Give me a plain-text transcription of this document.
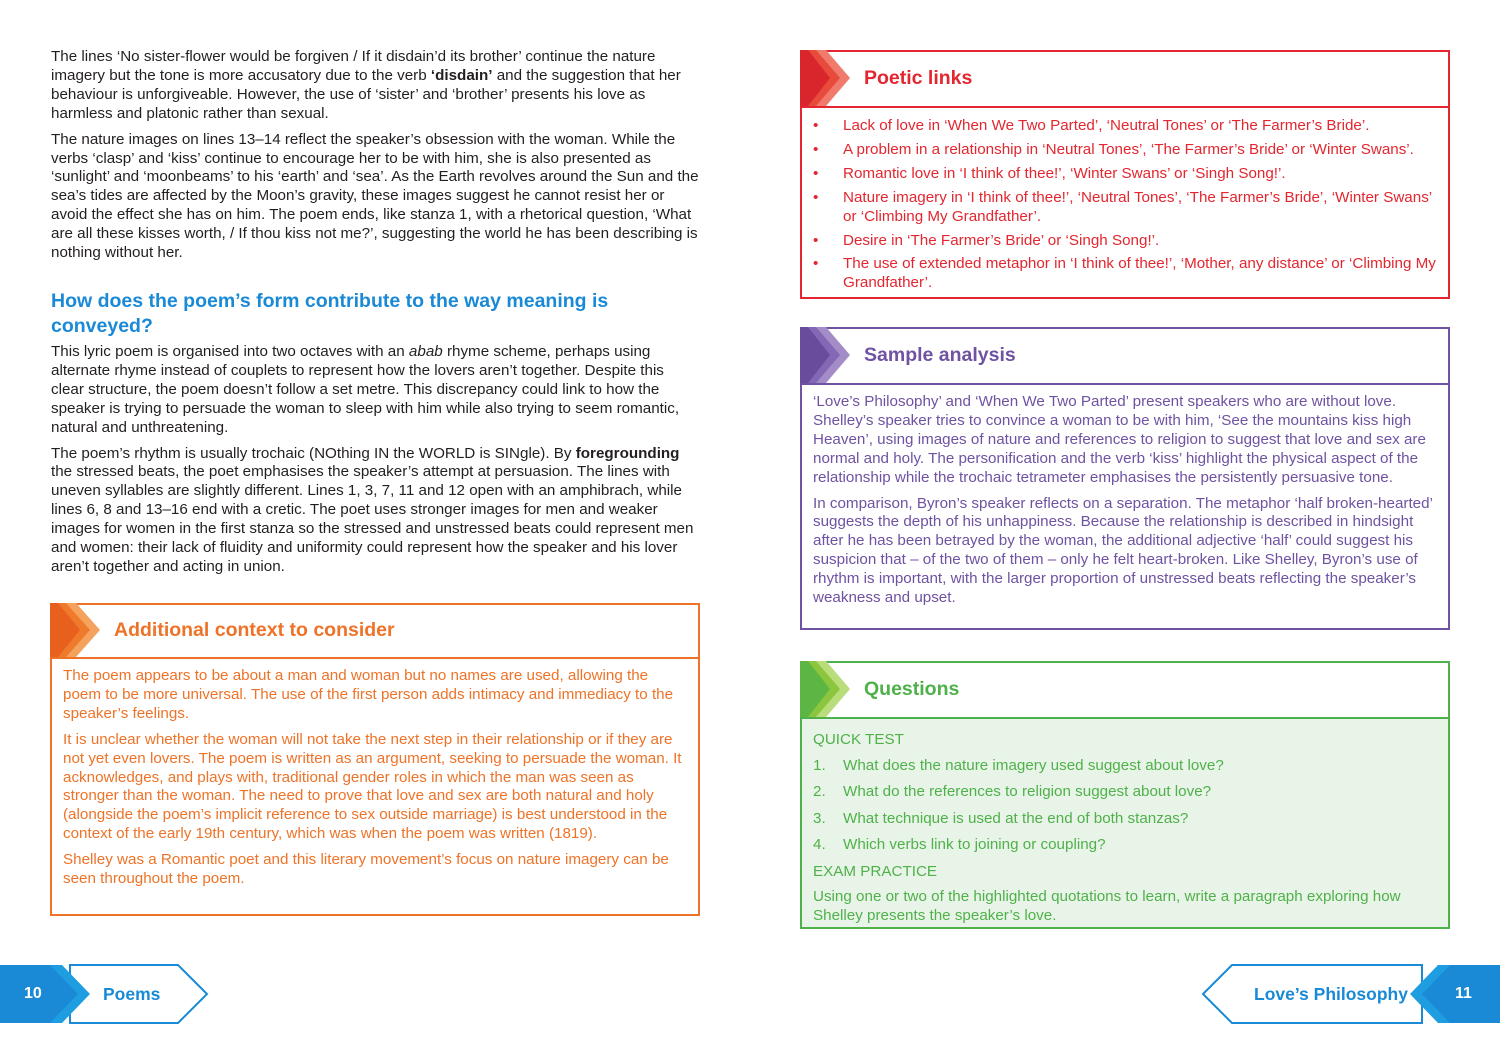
The lines ‘No sister-flower would be forgiven / If it disdain’d its brother’ continue the nature imagery but the tone is more accusatory due to the verb ‘disdain’ and the suggestion that her behaviour is unforgiveable. However, the use of ‘sister’ and ‘brother’ presents his love as harmless and platonic rather than sexual.

The nature images on lines 13–14 reflect the speaker’s obsession with the woman. While the verbs ‘clasp’ and ‘kiss’ continue to encourage her to be with him, she is also presented as ‘sunlight’ and ‘moonbeams’ to his ‘earth’ and ‘sea’. As the Earth revolves around the Sun and the sea’s tides are affected by the Moon’s gravity, these images suggest he cannot resist her or avoid the effect she has on him. The poem ends, like stanza 1, with a rhetorical question, ‘What are all these kisses worth, / If thou kiss not me?’, suggesting the world he has been describing is nothing without her.

How does the poem’s form contribute to the way meaning is conveyed?

This lyric poem is organised into two octaves with an abab rhyme scheme, perhaps using alternate rhyme instead of couplets to represent how the lovers aren’t together. Despite this clear structure, the poem doesn’t follow a set metre. This discrepancy could link to how the speaker is trying to persuade the woman to sleep with him while also trying to seem romantic, natural and unthreatening.

The poem’s rhythm is usually trochaic (NOthing IN the WORLD is SINgle). By foregrounding the stressed beats, the poet emphasises the speaker’s attempt at persuasion. The lines with uneven syllables are slightly different. Lines 1, 3, 7, 11 and 12 open with an amphibrach, while lines 6, 8 and 13–16 end with a cretic. The poet uses stronger images for men and weaker images for women in the first stanza so the stressed and unstressed beats could represent men and women: their lack of fluidity and uniformity could represent how the speaker and his lover aren’t together and acting in union.

Additional context to consider

The poem appears to be about a man and woman but no names are used, allowing the poem to be more universal. The use of the first person adds intimacy and immediacy to the speaker’s feelings.

It is unclear whether the woman will not take the next step in their relationship or if they are not yet even lovers. The poem is written as an argument, seeking to persuade the woman. It acknowledges, and plays with, traditional gender roles in which the man was seen as stronger than the woman. The need to prove that love and sex are both natural and holy (alongside the poem’s implicit reference to sex outside marriage) is best understood in the context of the early 19th century, which was when the poem was written (1819).

Shelley was a Romantic poet and this literary movement’s focus on nature imagery can be seen throughout the poem.

Poetic links
• Lack of love in ‘When We Two Parted’, ‘Neutral Tones’ or ‘The Farmer’s Bride’.
• A problem in a relationship in ‘Neutral Tones’, ‘The Farmer’s Bride’ or ‘Winter Swans’.
• Romantic love in ‘I think of thee!’, ‘Winter Swans’ or ‘Singh Song!’.
• Nature imagery in ‘I think of thee!’, ‘Neutral Tones’, ‘The Farmer’s Bride’, ‘Winter Swans’ or ‘Climbing My Grandfather’.
• Desire in ‘The Farmer’s Bride’ or ‘Singh Song!’.
• The use of extended metaphor in ‘I think of thee!’, ‘Mother, any distance’ or ‘Climbing My Grandfather’.
Sample analysis

‘Love’s Philosophy’ and ‘When We Two Parted’ present speakers who are without love. Shelley’s speaker tries to convince a woman to be with him, ‘See the mountains kiss high Heaven’, using images of nature and references to religion to suggest that love and sex are normal and holy. The personification and the verb ‘kiss’ highlight the physical aspect of the relationship while the trochaic tetrameter emphasises the persistently persuasive tone.

In comparison, Byron’s speaker reflects on a separation. The metaphor ‘half broken-hearted’ suggests the depth of his unhappiness. Because the relationship is described in hindsight after he has been betrayed by the woman, the additional adjective ‘half’ could suggest his suspicion that – of the two of them – only he felt heart-broken. Like Shelley, Byron’s use of rhythm is important, with the larger proportion of unstressed beats reflecting the speaker’s weakness and upset.

Questions

QUICK TEST

1. What does the nature imagery used suggest about love?
2. What do the references to religion suggest about love?
3. What technique is used at the end of both stanzas?
4. Which verbs link to joining or coupling?

EXAM PRACTICE

Using one or two of the highlighted quotations to learn, write a paragraph exploring how Shelley presents the speaker’s love.

10	Poems	Love’s Philosophy	11
